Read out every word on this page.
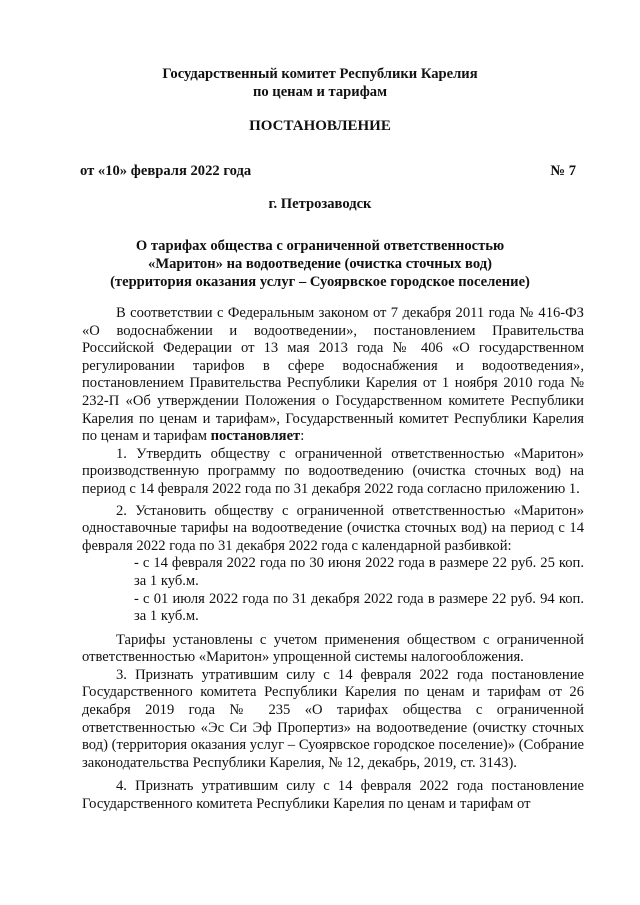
Государственный комитет Республики Карелия
по ценам и тарифам
ПОСТАНОВЛЕНИЕ
от «10» февраля 2022 года	№ 7
г. Петрозаводск
О тарифах общества с ограниченной ответственностью
«Маритон» на водоотведение (очистка сточных вод)
(территория оказания услуг – Суоярвское городское поселение)

В соответствии с Федеральным законом от 7 декабря 2011 года № 416-ФЗ «О водоснабжении и водоотведении», постановлением Правительства Российской Федерации от 13 мая 2013 года № 406 «О государственном регулировании тарифов в сфере водоснабжения и водоотведения», постановлением Правительства Республики Карелия от 1 ноября 2010 года № 232-П «Об утверждении Положения о Государственном комитете Республики Карелия по ценам и тарифам», Государственный комитет Республики Карелия по ценам и тарифам постановляет:

1. Утвердить обществу с ограниченной ответственностью «Маритон» производственную программу по водоотведению (очистка сточных вод) на период с 14 февраля 2022 года по 31 декабря 2022 года согласно приложению 1.

2. Установить обществу с ограниченной ответственностью «Маритон» одноставочные тарифы на водоотведение (очистка сточных вод) на период с 14 февраля 2022 года по 31 декабря 2022 года с календарной разбивкой:

- с 14 февраля 2022 года по 30 июня 2022 года в размере 22 руб. 25 коп. за 1 куб.м.

- с 01 июля 2022 года по 31 декабря 2022 года в размере 22 руб. 94 коп. за 1 куб.м.

Тарифы установлены с учетом применения обществом с ограниченной ответственностью «Маритон» упрощенной системы налогообложения.

3. Признать утратившим силу с 14 февраля 2022 года постановление Государственного комитета Республики Карелия по ценам и тарифам от 26 декабря 2019 года № 235 «О тарифах общества с ограниченной ответственностью «Эс Си Эф Пропертиз» на водоотведение (очистку сточных вод) (территория оказания услуг – Суоярвское городское поселение)» (Собрание законодательства Республики Карелия, № 12, декабрь, 2019, ст. 3143).

4. Признать утратившим силу с 14 февраля 2022 года постановление Государственного комитета Республики Карелия по ценам и тарифам от
